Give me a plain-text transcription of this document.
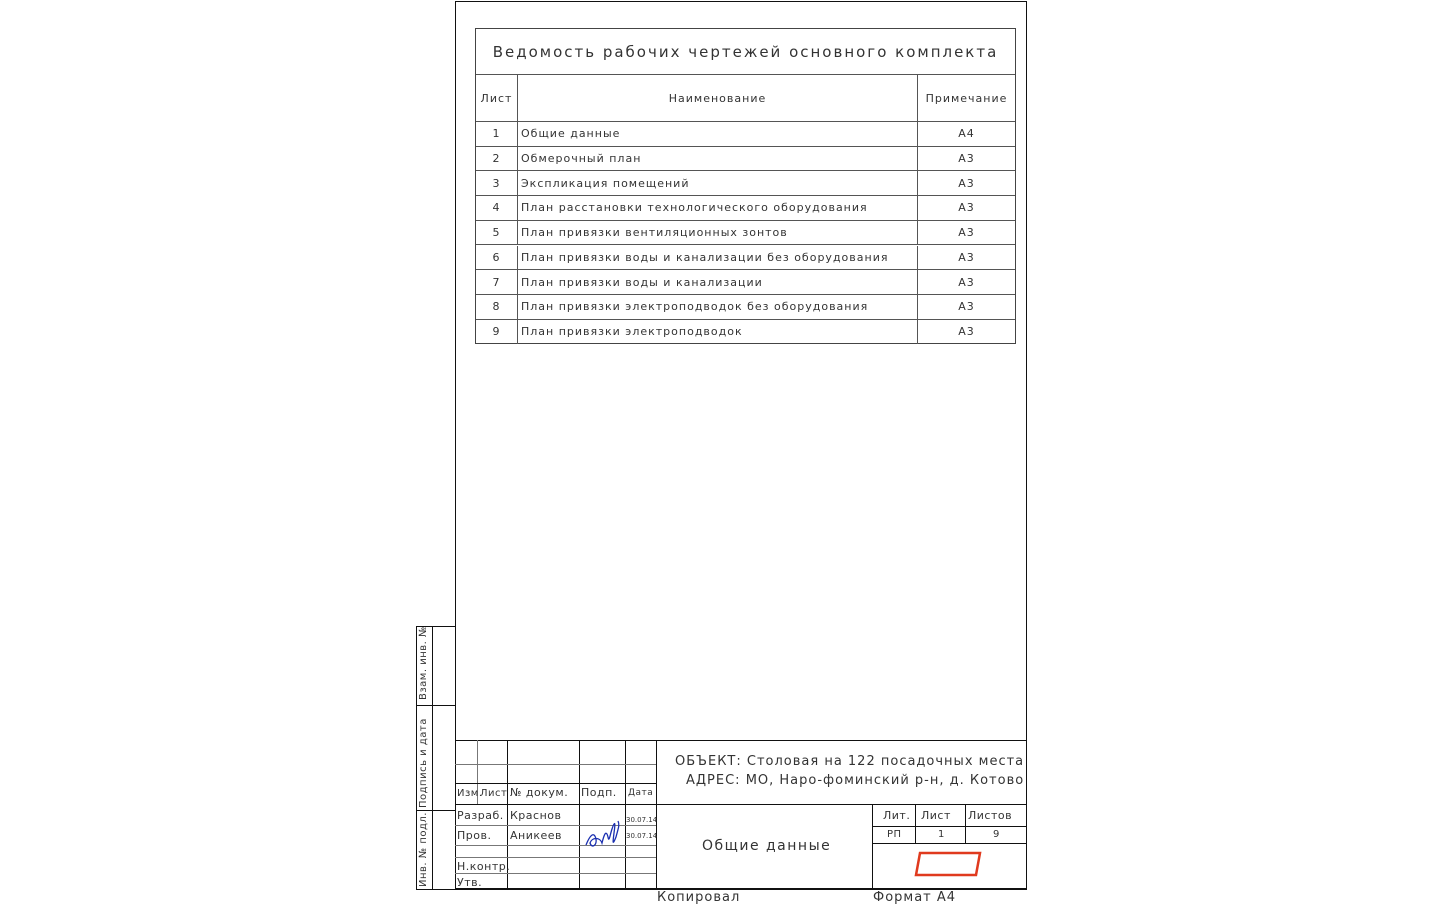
Ведомость рабочих чертежей основного комплекта
Лист	Наименование	Примечание
1	Общие данные	А4
2	Обмерочный план	А3
3	Экспликация помещений	А3
4	План расстановки технологического оборудования	А3
5	План привязки вентиляционных зонтов	А3
6	План привязки воды и канализации без оборудования	А3
7	План привязки воды и канализации	А3
8	План привязки электроподводок без оборудования	А3
9	План привязки электроподводок	А3
Взам. инв. №
Подпись и дата
Инв. № подл.
Изм.
Лист № докум. Подп. Дата
Разраб. Краснов	30.07.14
Пров. Аникеев	30.07.14
Н.контр.
Утв.
ОБЪЕКТ: Столовая на 122 посадочных места
АДРЕС: МО, Наро-фоминский р-н, д. Котово
Общие данные
Лит. Лист Листов
РП	1	9
Копировал	Формат А4
